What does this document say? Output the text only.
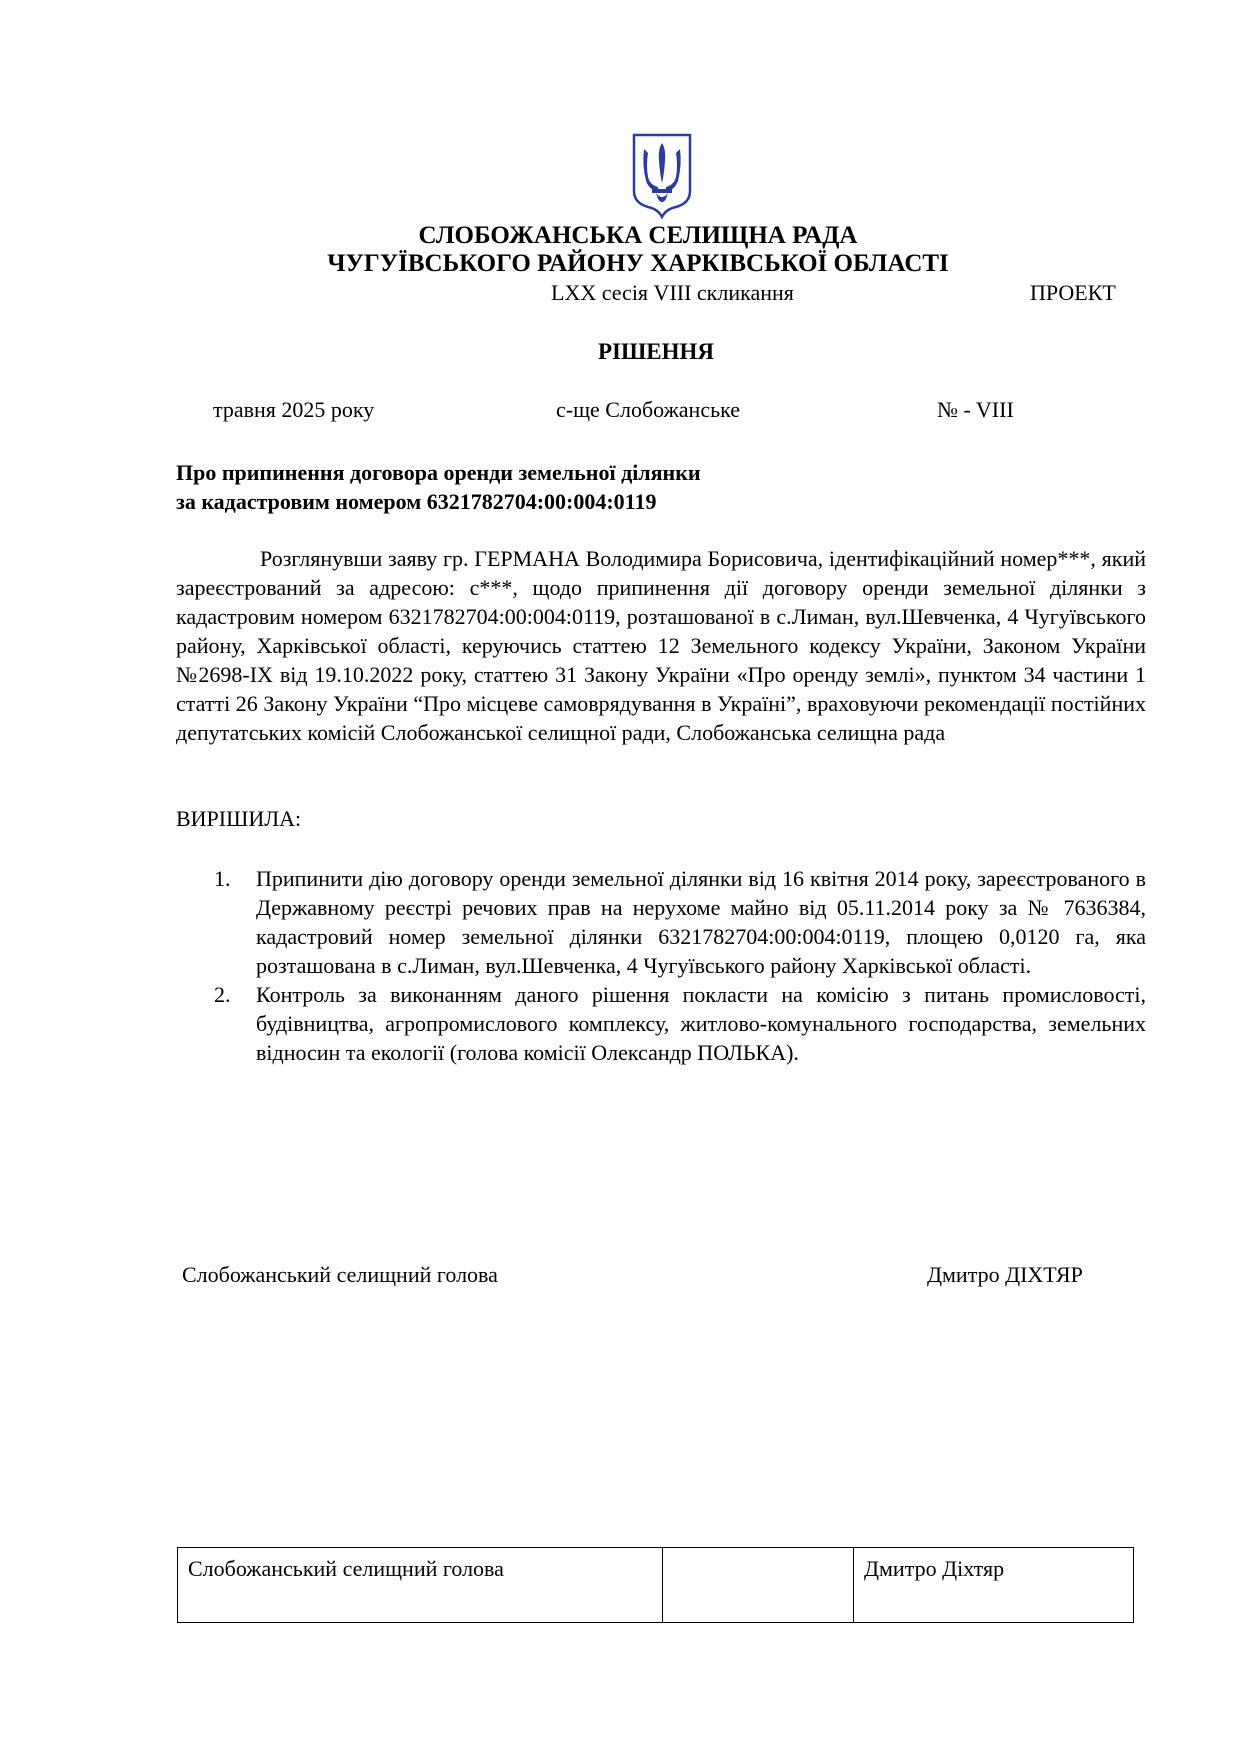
СЛОБОЖАНСЬКА СЕЛИЩНА РАДА
ЧУГУЇВСЬКОГО РАЙОНУ ХАРКІВСЬКОЇ ОБЛАСТІ
LXX сесія VIII скликання	ПРОЕКТ
РІШЕННЯ
травня 2025 року	с-ще Слобожанське	№ - VIII
Про припинення договора оренди земельної ділянки
за кадастровим номером 6321782704:00:004:0119
Розглянувши заяву гр. ГЕРМАНА Володимира Борисовича, ідентифікаційний номер***, який зареєстрований за адресою: с***, щодо припинення дії договору оренди земельної ділянки з кадастровим номером 6321782704:00:004:0119, розташованої в с.Лиман, вул.Шевченка, 4 Чугуївського району, Харківської області, керуючись статтею 12 Земельного кодексу України, Законом України №2698-IX від 19.10.2022 року, статтею 31 Закону України «Про оренду землі», пунктом 34 частини 1 статті 26 Закону України “Про місцеве самоврядування в Україні”, враховуючи рекомендації постійних депутатських комісій Слобожанської селищної ради, Слобожанська селищна рада
ВИРІШИЛА:
1.	Припинити дію договору оренди земельної ділянки від 16 квітня 2014 року, зареєстрованого в Державному реєстрі речових прав на нерухоме майно від 05.11.2014 року за № 7636384, кадастровий номер земельної ділянки 6321782704:00:004:0119, площею 0,0120 га, яка розташована в с.Лиман, вул.Шевченка, 4 Чугуївського району Харківської області.
2.	Контроль за виконанням даного рішення покласти на комісію з питань промисловості, будівництва, агропромислового комплексу, житлово-комунального господарства, земельних відносин та екології (голова комісії Олександр ПОЛЬКА).
Слобожанський селищний голова	Дмитро ДІХТЯР
Слобожанський селищний голова		Дмитро Діхтяр
